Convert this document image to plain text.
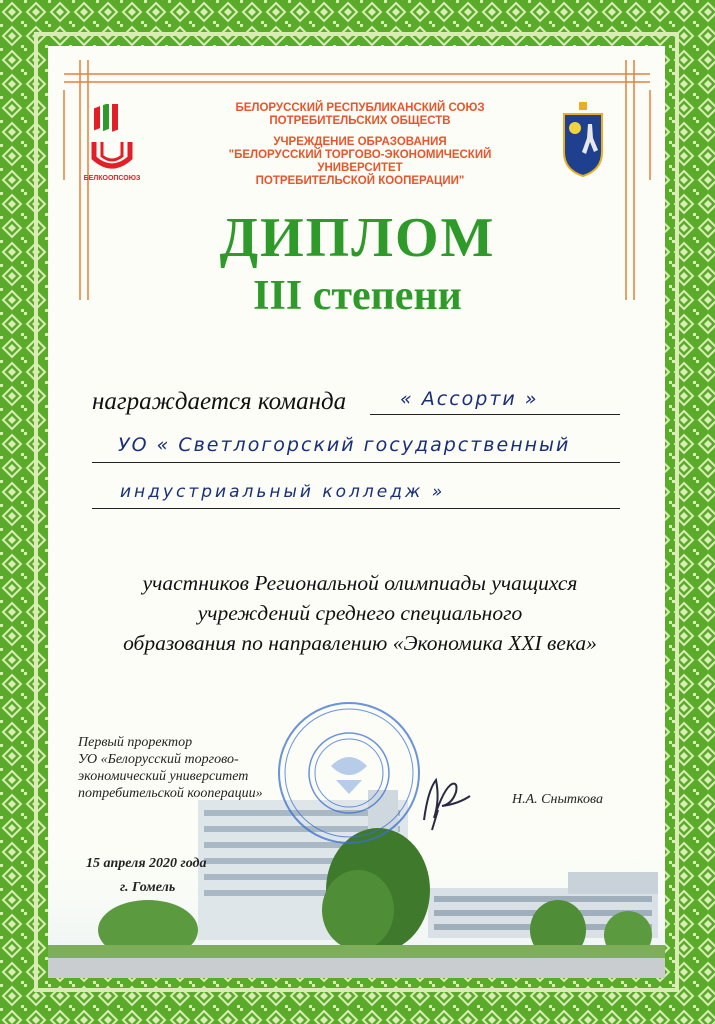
БЕЛКООПСОЮЗ
БЕЛОРУССКИЙ РЕСПУБЛИКАНСКИЙ СОЮЗ
ПОТРЕБИТЕЛЬСКИХ ОБЩЕСТВ
УЧРЕЖДЕНИЕ ОБРАЗОВАНИЯ
"БЕЛОРУССКИЙ ТОРГОВО-ЭКОНОМИЧЕСКИЙ УНИВЕРСИТЕТ
ПОТРЕБИТЕЛЬСКОЙ КООПЕРАЦИИ"
ДИПЛОМ
III степени
награждается команда	« Ассорти »
УО « Светлогорский государственный
индустриальный колледж »
участников Региональной олимпиады учащихся
учреждений среднего специального
образования по направлению «Экономика XXI века»
Первый проректор
УО «Белорусский торгово-
экономический университет
потребительской кооперации»	Н.А. Сныткова
15 апреля 2020 года
г. Гомель
